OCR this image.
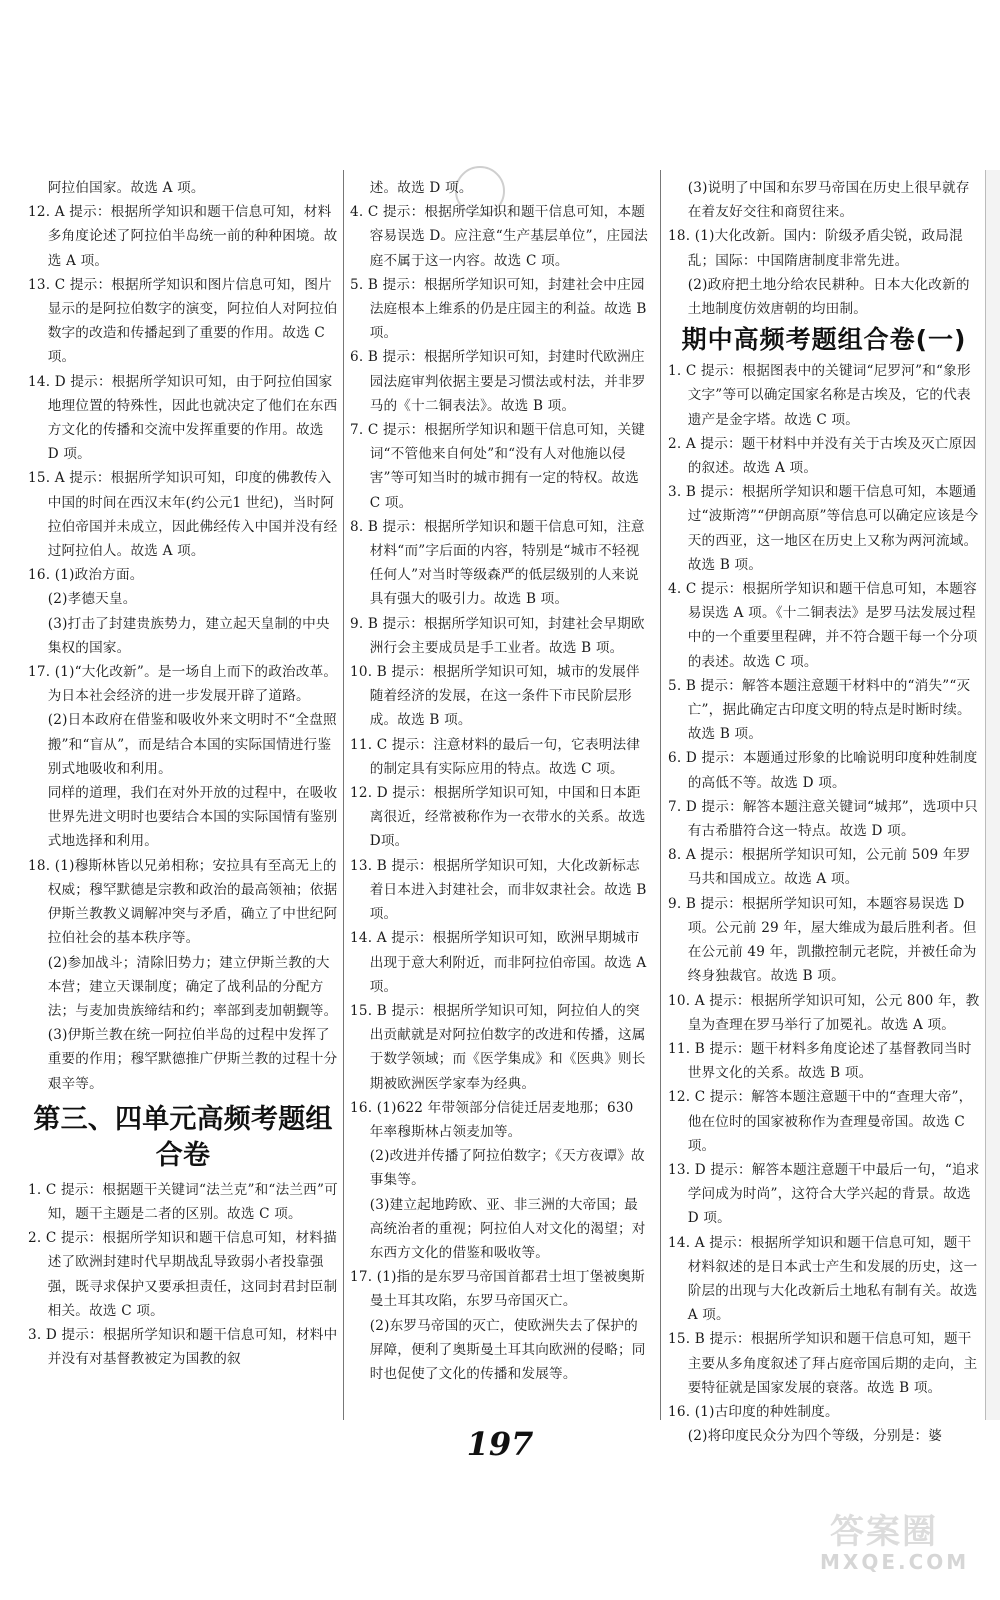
阿拉伯国家。故选 A 项。
12. A 提示：根据所学知识和题干信息可知，材料多角度论述了阿拉伯半岛统一前的种种困境。故选 A 项。
13. C 提示：根据所学知识和图片信息可知，图片显示的是阿拉伯数字的演变，阿拉伯人对阿拉伯数字的改造和传播起到了重要的作用。故选 C 项。
14. D 提示：根据所学知识可知，由于阿拉伯国家地理位置的特殊性，因此也就决定了他们在东西方文化的传播和交流中发挥重要的作用。故选 D 项。
15. A 提示：根据所学知识可知，印度的佛教传入中国的时间在西汉末年(约公元1 世纪)，当时阿拉伯帝国并未成立，因此佛经传入中国并没有经过阿拉伯人。故选 A 项。
16. (1)政治方面。
(2)孝德天皇。
(3)打击了封建贵族势力，建立起天皇制的中央集权的国家。
17. (1)“大化改新”。是一场自上而下的政治改革。为日本社会经济的进一步发展开辟了道路。
(2)日本政府在借鉴和吸收外来文明时不“全盘照搬”和“盲从”，而是结合本国的实际国情进行鉴别式地吸收和利用。
同样的道理，我们在对外开放的过程中，在吸收世界先进文明时也要结合本国的实际国情有鉴别式地选择和利用。
18. (1)穆斯林皆以兄弟相称；安拉具有至高无上的权威；穆罕默德是宗教和政治的最高领袖；依据伊斯兰教教义调解冲突与矛盾，确立了中世纪阿拉伯社会的基本秩序等。
(2)参加战斗；清除旧势力；建立伊斯兰教的大本营；建立天课制度；确定了战利品的分配方法；与麦加贵族缔结和约；率部到麦加朝觐等。
(3)伊斯兰教在统一阿拉伯半岛的过程中发挥了重要的作用；穆罕默德推广伊斯兰教的过程十分艰辛等。
第三、四单元高频考题组合卷
1. C 提示：根据题干关键词“法兰克”和“法兰西”可知，题干主题是二者的区别。故选 C 项。
2. C 提示：根据所学知识和题干信息可知，材料描述了欧洲封建时代早期战乱导致弱小者投靠强强，既寻求保护又要承担责任，这同封君封臣制相关。故选 C 项。
3. D 提示：根据所学知识和题干信息可知，材料中并没有对基督教被定为国教的叙
述。故选 D 项。
4. C 提示：根据所学知识和题干信息可知，本题容易误选 D。应注意“生产基层单位”，庄园法庭不属于这一内容。故选 C 项。
5. B 提示：根据所学知识可知，封建社会中庄园法庭根本上维系的仍是庄园主的利益。故选 B 项。
6. B 提示：根据所学知识可知，封建时代欧洲庄园法庭审判依据主要是习惯法或村法，并非罗马的《十二铜表法》。故选 B 项。
7. C 提示：根据所学知识和题干信息可知，关键词“不管他来自何处”和“没有人对他施以侵害”等可知当时的城市拥有一定的特权。故选 C 项。
8. B 提示：根据所学知识和题干信息可知，注意材料“而”字后面的内容，特别是“城市不轻视任何人”对当时等级森严的低层级别的人来说具有强大的吸引力。故选 B 项。
9. B 提示：根据所学知识可知，封建社会早期欧洲行会主要成员是手工业者。故选 B 项。
10. B 提示：根据所学知识可知，城市的发展伴随着经济的发展，在这一条件下市民阶层形成。故选 B 项。
11. C 提示：注意材料的最后一句，它表明法律的制定具有实际应用的特点。故选 C 项。
12. D 提示：根据所学知识可知，中国和日本距离很近，经常被称作为一衣带水的关系。故选 D项。
13. B 提示：根据所学知识可知，大化改新标志着日本进入封建社会，而非奴隶社会。故选 B 项。
14. A 提示：根据所学知识可知，欧洲早期城市出现于意大利附近，而非阿拉伯帝国。故选 A 项。
15. B 提示：根据所学知识可知，阿拉伯人的突出贡献就是对阿拉伯数字的改进和传播，这属于数学领域；而《医学集成》和《医典》则长期被欧洲医学家奉为经典。
16. (1)622 年带领部分信徒迁居麦地那；630 年率穆斯林占领麦加等。
(2)改进并传播了阿拉伯数字；《天方夜谭》故事集等。
(3)建立起地跨欧、亚、非三洲的大帝国；最高统治者的重视；阿拉伯人对文化的渴望；对东西方文化的借鉴和吸收等。
17. (1)指的是东罗马帝国首都君士坦丁堡被奥斯曼土耳其攻陷，东罗马帝国灭亡。
(2)东罗马帝国的灭亡，使欧洲失去了保护的屏障，便利了奥斯曼土耳其向欧洲的侵略；同时也促使了文化的传播和发展等。
(3)说明了中国和东罗马帝国在历史上很早就存在着友好交往和商贸往来。
18. (1)大化改新。国内：阶级矛盾尖锐，政局混乱；国际：中国隋唐制度非常先进。
(2)政府把土地分给农民耕种。日本大化改新的土地制度仿效唐朝的均田制。
期中高频考题组合卷(一)
1. C 提示：根据图表中的关键词“尼罗河”和“象形文字”等可以确定国家名称是古埃及，它的代表遗产是金字塔。故选 C 项。
2. A 提示：题干材料中并没有关于古埃及灭亡原因的叙述。故选 A 项。
3. B 提示：根据所学知识和题干信息可知，本题通过“波斯湾”“伊朗高原”等信息可以确定应该是今天的西亚，这一地区在历史上又称为两河流域。故选 B 项。
4. C 提示：根据所学知识和题干信息可知，本题容易误选 A 项。《十二铜表法》是罗马法发展过程中的一个重要里程碑，并不符合题干每一个分项的表述。故选 C 项。
5. B 提示：解答本题注意题干材料中的“消失”“灭亡”，据此确定古印度文明的特点是时断时续。故选 B 项。
6. D 提示：本题通过形象的比喻说明印度种姓制度的高低不等。故选 D 项。
7. D 提示：解答本题注意关键词“城邦”，选项中只有古希腊符合这一特点。故选 D 项。
8. A 提示：根据所学知识可知，公元前 509 年罗马共和国成立。故选 A 项。
9. B 提示：根据所学知识可知，本题容易误选 D 项。公元前 29 年，屋大维成为最后胜利者。但在公元前 49 年，凯撒控制元老院，并被任命为终身独裁官。故选 B 项。
10. A 提示：根据所学知识可知，公元 800 年，教皇为查理在罗马举行了加冕礼。故选 A 项。
11. B 提示：题干材料多角度论述了基督教同当时世界文化的关系。故选 B 项。
12. C 提示：解答本题注意题干中的“查理大帝”，他在位时的国家被称作为查理曼帝国。故选 C 项。
13. D 提示：解答本题注意题干中最后一句，“追求学问成为时尚”，这符合大学兴起的背景。故选 D 项。
14. A 提示：根据所学知识和题干信息可知，题干材料叙述的是日本武士产生和发展的历史，这一阶层的出现与大化改新后土地私有制有关。故选 A 项。
15. B 提示：根据所学知识和题干信息可知，题干主要从多角度叙述了拜占庭帝国后期的走向，主要特征就是国家发展的衰落。故选 B 项。
16. (1)古印度的种姓制度。
(2)将印度民众分为四个等级，分别是：婆
197
答案圈
MXQE.COM
